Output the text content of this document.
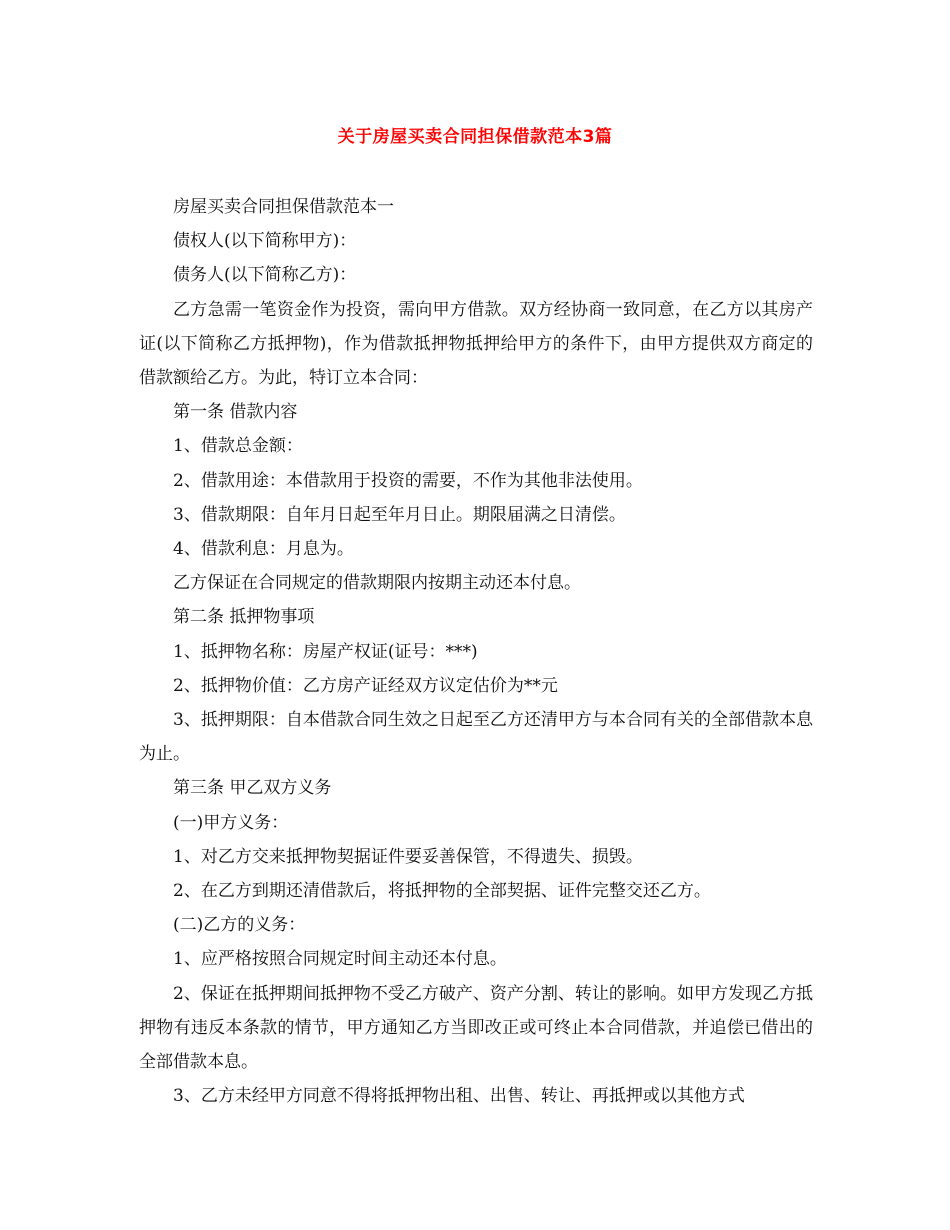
关于房屋买卖合同担保借款范本3篇

房屋买卖合同担保借款范本一

债权人(以下简称甲方)：

债务人(以下简称乙方)：

乙方急需一笔资金作为投资，需向甲方借款。双方经协商一致同意，在乙方以其房产证(以下简称乙方抵押物)，作为借款抵押物抵押给甲方的条件下，由甲方提供双方商定的借款额给乙方。为此，特订立本合同：

第一条 借款内容

1、借款总金额：

2、借款用途：本借款用于投资的需要，不作为其他非法使用。

3、借款期限：自年月日起至年月日止。期限届满之日清偿。

4、借款利息：月息为。

乙方保证在合同规定的借款期限内按期主动还本付息。

第二条 抵押物事项

1、抵押物名称：房屋产权证(证号：***)

2、抵押物价值：乙方房产证经双方议定估价为**元

3、抵押期限：自本借款合同生效之日起至乙方还清甲方与本合同有关的全部借款本息为止。

第三条 甲乙双方义务

(一)甲方义务：

1、对乙方交来抵押物契据证件要妥善保管，不得遗失、损毁。

2、在乙方到期还清借款后，将抵押物的全部契据、证件完整交还乙方。

(二)乙方的义务：

1、应严格按照合同规定时间主动还本付息。

2、保证在抵押期间抵押物不受乙方破产、资产分割、转让的影响。如甲方发现乙方抵押物有违反本条款的情节，甲方通知乙方当即改正或可终止本合同借款，并追偿已借出的全部借款本息。

3、乙方未经甲方同意不得将抵押物出租、出售、转让、再抵押或以其他方式
